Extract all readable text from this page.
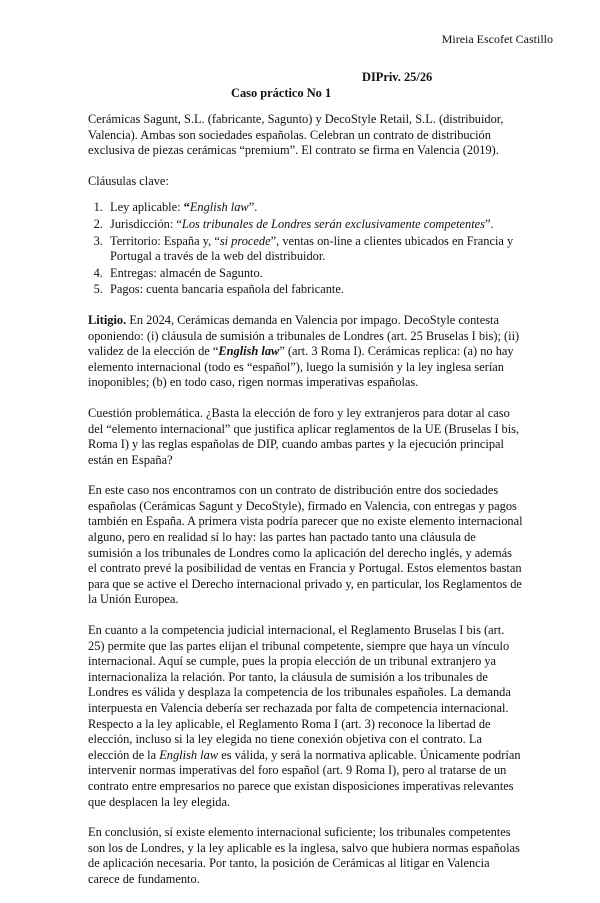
Mireia Escofet Castillo
DIPriv. 25/26
Caso práctico No 1

Cerámicas Sagunt, S.L. (fabricante, Sagunto) y DecoStyle Retail, S.L. (distribuidor, Valencia). Ambas son sociedades españolas. Celebran un contrato de distribución exclusiva de piezas cerámicas “premium”. El contrato se firma en Valencia (2019).

Cláusulas clave:
1. Ley aplicable: “English law”.
2. Jurisdicción: “Los tribunales de Londres serán exclusivamente competentes”.
3. Territorio: España y, “si procede”, ventas on-line a clientes ubicados en Francia y Portugal a través de la web del distribuidor.
4. Entregas: almacén de Sagunto.
5. Pagos: cuenta bancaria española del fabricante.

Litigio. En 2024, Cerámicas demanda en Valencia por impago. DecoStyle contesta oponiendo: (i) cláusula de sumisión a tribunales de Londres (art. 25 Bruselas I bis); (ii) validez de la elección de “English law” (art. 3 Roma I). Cerámicas replica: (a) no hay elemento internacional (todo es “español”), luego la sumisión y la ley inglesa serían inoponibles; (b) en todo caso, rigen normas imperativas españolas.

Cuestión problemática. ¿Basta la elección de foro y ley extranjeros para dotar al caso del “elemento internacional” que justifica aplicar reglamentos de la UE (Bruselas I bis, Roma I) y las reglas españolas de DIP, cuando ambas partes y la ejecución principal están en España?

En este caso nos encontramos con un contrato de distribución entre dos sociedades españolas (Cerámicas Sagunt y DecoStyle), firmado en Valencia, con entregas y pagos también en España. A primera vista podría parecer que no existe elemento internacional alguno, pero en realidad sí lo hay: las partes han pactado tanto una cláusula de sumisión a los tribunales de Londres como la aplicación del derecho inglés, y además el contrato prevé la posibilidad de ventas en Francia y Portugal. Estos elementos bastan para que se active el Derecho internacional privado y, en particular, los Reglamentos de la Unión Europea.

En cuanto a la competencia judicial internacional, el Reglamento Bruselas I bis (art. 25) permite que las partes elijan el tribunal competente, siempre que haya un vínculo internacional. Aquí se cumple, pues la propia elección de un tribunal extranjero ya internacionaliza la relación. Por tanto, la cláusula de sumisión a los tribunales de Londres es válida y desplaza la competencia de los tribunales españoles. La demanda interpuesta en Valencia debería ser rechazada por falta de competencia internacional. Respecto a la ley aplicable, el Reglamento Roma I (art. 3) reconoce la libertad de elección, incluso si la ley elegida no tiene conexión objetiva con el contrato. La elección de la English law es válida, y será la normativa aplicable. Únicamente podrían intervenir normas imperativas del foro español (art. 9 Roma I), pero al tratarse de un contrato entre empresarios no parece que existan disposiciones imperativas relevantes que desplacen la ley elegida.

En conclusión, sí existe elemento internacional suficiente; los tribunales competentes son los de Londres, y la ley aplicable es la inglesa, salvo que hubiera normas españolas de aplicación necesaria. Por tanto, la posición de Cerámicas al litigar en Valencia carece de fundamento.
